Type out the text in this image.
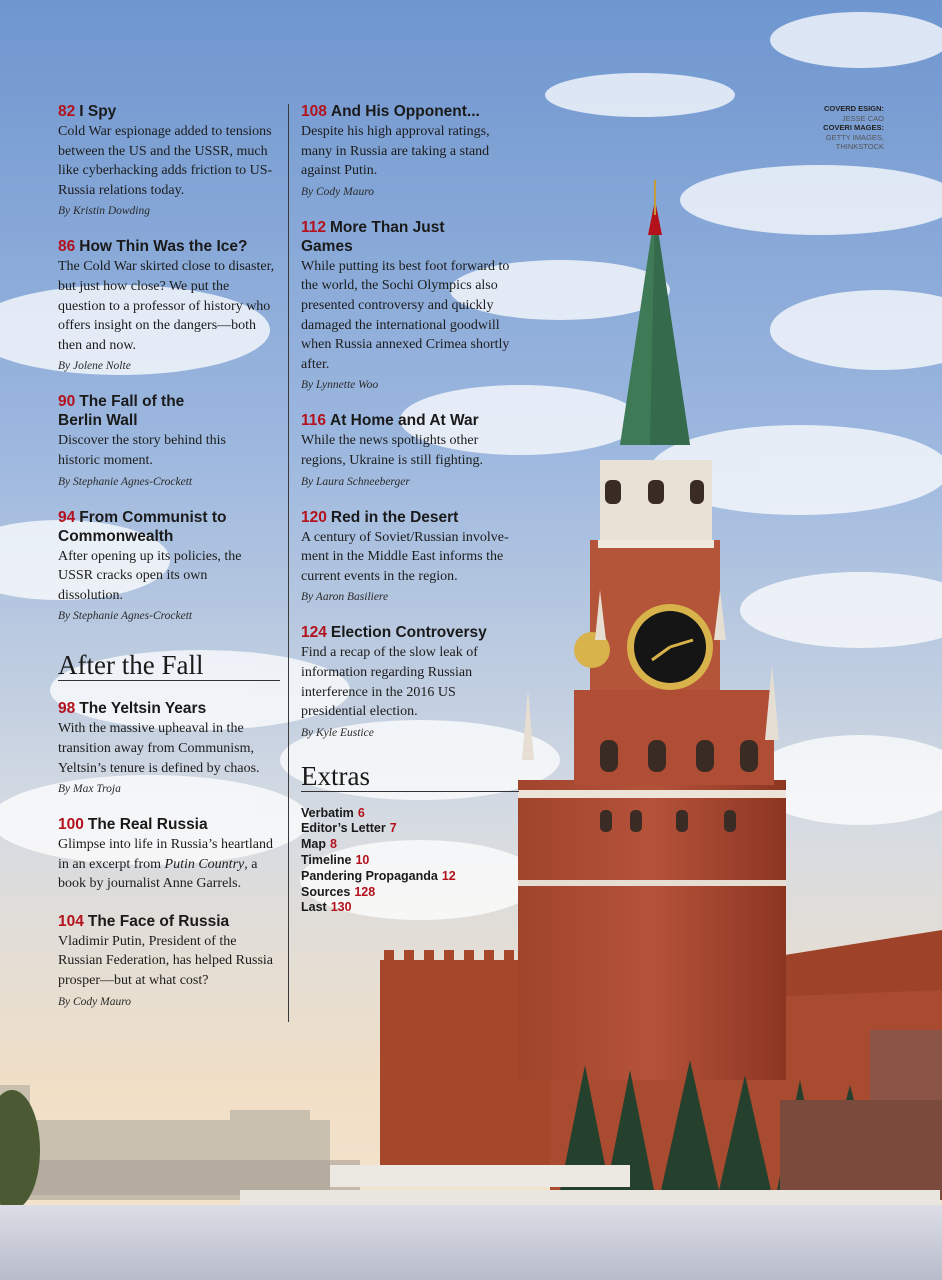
COVERD ESIGN:
JESSE CAO
COVERI MAGES:
GETTY IMAGES,
THINKSTOCK
82 I Spy
Cold War espionage added to tensions between the US and the USSR, much like cyberhacking adds friction to US-Russia relations today.
By Kristin Dowding
86 How Thin Was the Ice?
The Cold War skirted close to disaster, but just how close? We put the question to a professor of history who offers insight on the dangers—both then and now.
By Jolene Nolte
90 The Fall of the Berlin Wall
Discover the story behind this historic moment.
By Stephanie Agnes-Crockett
94 From Communist to Commonwealth
After opening up its policies, the USSR cracks open its own dissolution.
By Stephanie Agnes-Crockett
After the Fall
98 The Yeltsin Years
With the massive upheaval in the transition away from Communism, Yeltsin’s tenure is defined by chaos.
By Max Troja
100 The Real Russia
Glimpse into life in Russia’s heartland in an excerpt from Putin Country, a book by journalist Anne Garrels.
104 The Face of Russia
Vladimir Putin, President of the Russian Federation, has helped Russia prosper—but at what cost?
By Cody Mauro
108 And His Opponent...
Despite his high approval ratings, many in Russia are taking a stand against Putin.
By Cody Mauro
112 More Than Just Games
While putting its best foot forward to the world, the Sochi Olympics also presented controversy and quickly damaged the international goodwill when Russia annexed Crimea shortly after.
By Lynnette Woo
116 At Home and At War
While the news spotlights other regions, Ukraine is still fighting.
By Laura Schneeberger
120 Red in the Desert
A century of Soviet/Russian involvement in the Middle East informs the current events in the region.
By Aaron Basiliere
124 Election Controversy
Find a recap of the slow leak of information regarding Russian interference in the 2016 US presidential election.
By Kyle Eustice
Extras
Verbatim 6
Editor’s Letter 7
Map 8
Timeline 10
Pandering Propaganda 12
Sources 128
Last 130
